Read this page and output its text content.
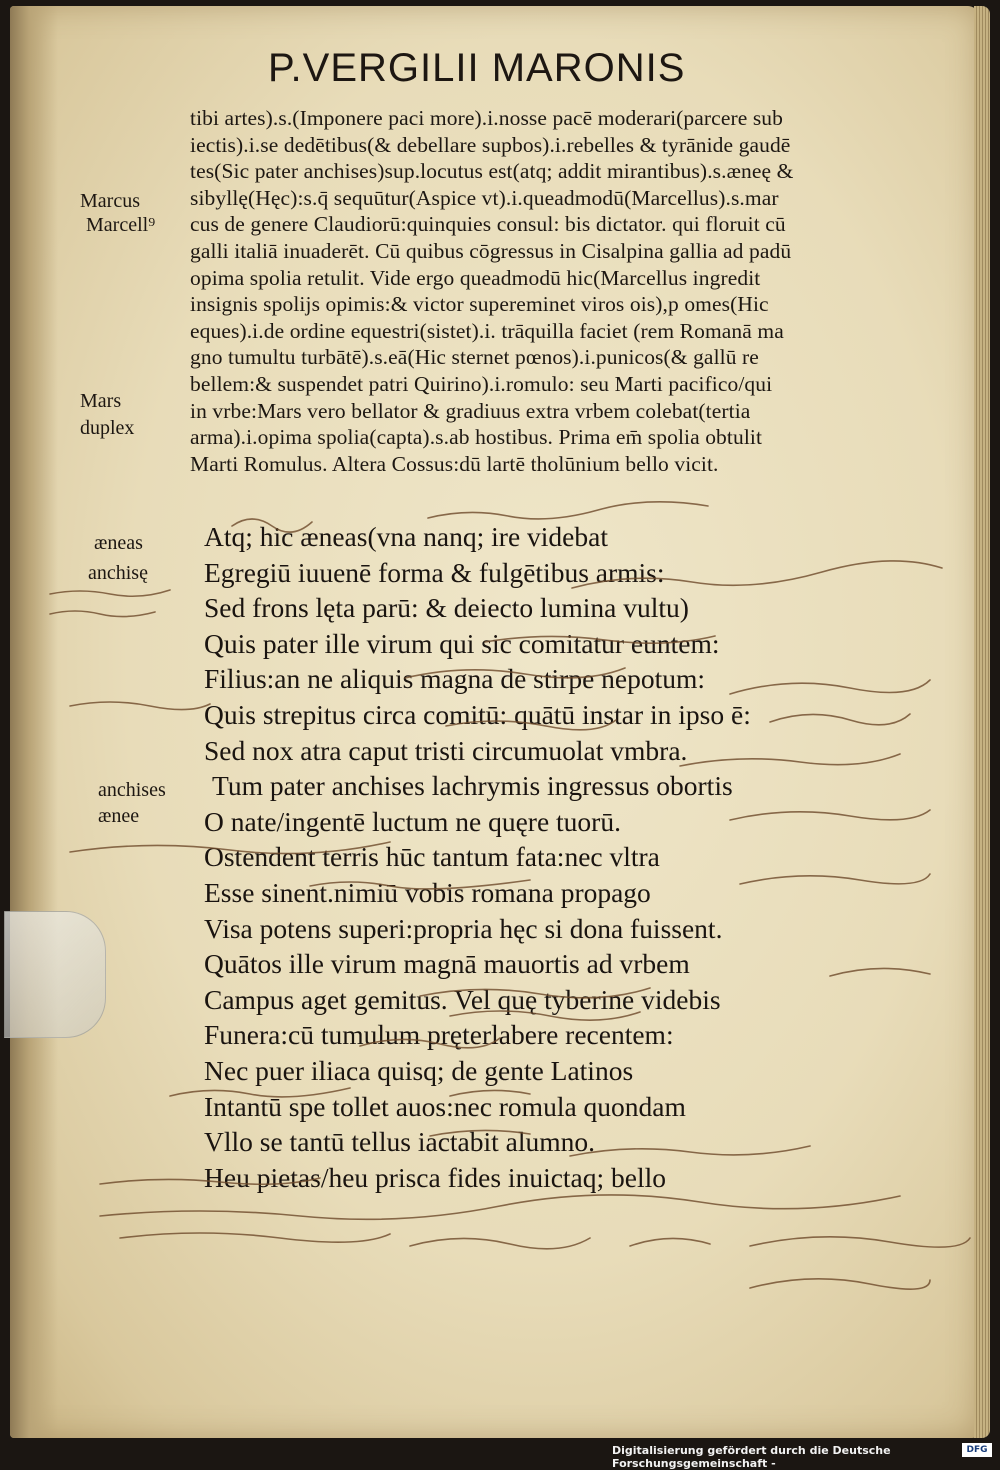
P.VERGILII MARONIS

tibi artes).s.(Imponere paci more).i.nosse pacē moderari(parcere sub

iectis).i.se dedētibus(& debellare supbos).i.rebelles & tyrānide gaudē

tes(Sic pater anchises)sup.locutus est(atq; addit mirantibus).s.æneę &

sibyllę(Hęc):s.q̄ sequūtur(Aspice vt).i.queadmodū(Marcellus).s.mar

cus de genere Claudiorū:quinquies consul: bis dictator. qui floruit cū

galli italiā inuaderēt. Cū quibus cōgressus in Cisalpina gallia ad padū

opima spolia retulit. Vide ergo queadmodū hic(Marcellus ingredit

insignis spolijs opimis:& victor supereminet viros ois),p omes(Hic

eques).i.de ordine equestri(sistet).i. trāquilla faciet (rem Romanā ma

gno tumultu turbātē).s.eā(Hic sternet pœnos).i.punicos(& gallū re

bellem:& suspendet patri Quirino).i.romulo: seu Marti pacifico/qui

in vrbe:Mars vero bellator & gradiuus extra vrbem colebat(tertia

arma).i.opima spolia(capta).s.ab hostibus. Prima em̄ spolia obtulit

Marti Romulus. Altera Cossus:dū lartē tholūnium bello vicit.

Atq; hic æneas(vna nanq; ire videbat

Egregiū iuuenē forma & fulgētibus armis:

Sed frons lęta parū: & deiecto lumina vultu)

Quis pater ille virum qui sic comitatur euntem:

Filius:an ne aliquis magna de stirpe nepotum:

Quis strepitus circa comitū: quātū instar in ipso ē:

Sed nox atra caput tristi circumuolat vmbra.

Tum pater anchises lachrymis ingressus obortis

O nate/ingentē luctum ne quęre tuorū.

Ostendent terris hūc tantum fata:nec vltra

Esse sinent.nimiū vobis romana propago

Visa potens superi:propria hęc si dona fuissent.

Quātos ille virum magnā mauortis ad vrbem

Campus aget gemitus. Vel quę tyberine videbis

Funera:cū tumulum pręterlabere recentem:

Nec puer iliaca quisq; de gente Latinos

Intantū spe tollet auos:nec romula quondam

Vllo se tantū tellus iactabit alumno.

Heu pietas/heu prisca fides inuictaq; bello

Marcus

Marcell⁹

Mars

duplex

æneas

anchisę

anchises

ænee

Digitalisierung gefördert durch die Deutsche Forschungsgemeinschaft -

DFG
